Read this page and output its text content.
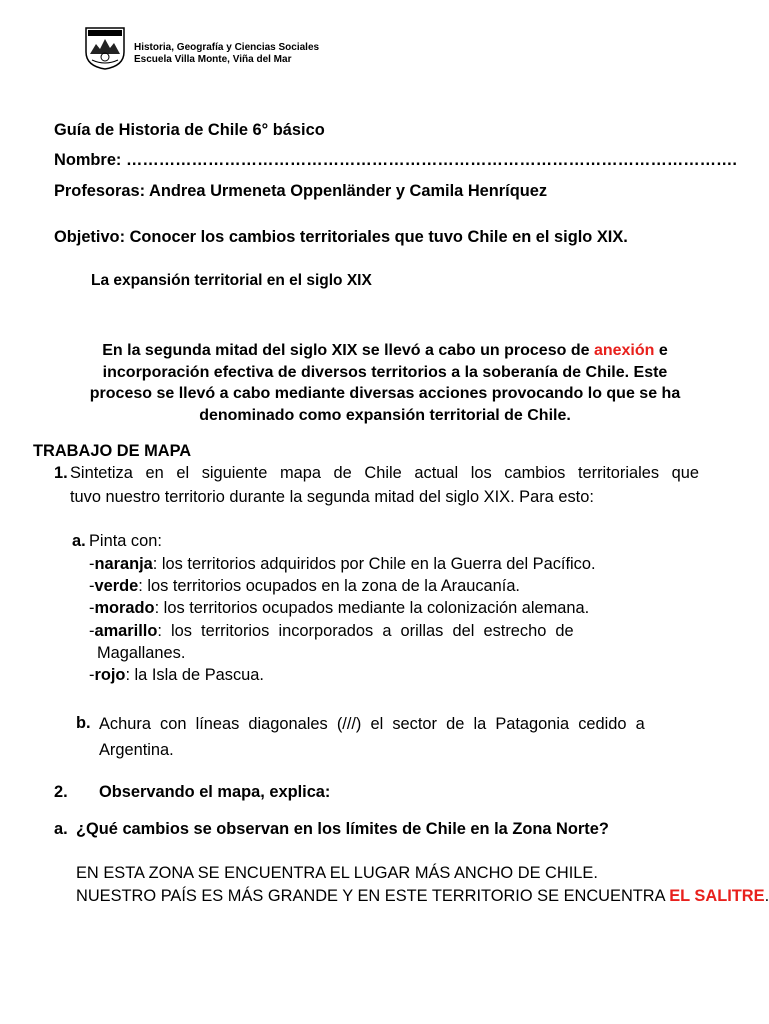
Historia, Geografía y Ciencias Sociales
Escuela Villa Monte, Viña del Mar
Guía de Historia de Chile 6° básico
Nombre: ………………………………………………………………………………………………….
Profesoras: Andrea Urmeneta Oppenländer y Camila Henríquez
Objetivo: Conocer los cambios territoriales que tuvo Chile en el siglo XIX.
La expansión territorial en el siglo XIX
En la segunda mitad del siglo XIX se llevó a cabo un proceso de anexión e
incorporación efectiva de diversos territorios a la soberanía de Chile. Este
proceso se llevó a cabo mediante diversas acciones provocando lo que se ha
denominado como expansión territorial de Chile.
TRABAJO DE MAPA
1. Sintetiza en el siguiente mapa de Chile actual los cambios territoriales que
tuvo nuestro territorio durante la segunda mitad del siglo XIX. Para esto:
a. Pinta con:
-naranja: los territorios adquiridos por Chile en la Guerra del Pacífico.
-verde: los territorios ocupados en la zona de la Araucanía.
-morado: los territorios ocupados mediante la colonización alemana.
-amarillo:  los  territorios  incorporados  a  orillas  del  estrecho  de
Magallanes.
-rojo: la Isla de Pascua.
b. Achura  con  líneas  diagonales  (///)  el  sector  de  la  Patagonia  cedido  a
Argentina.
2. Observando el mapa, explica:
a. ¿Qué cambios se observan en los límites de Chile en la Zona Norte?
EN ESTA ZONA SE ENCUENTRA EL LUGAR MÁS ANCHO DE CHILE.
NUESTRO PAÍS ES MÁS GRANDE Y EN ESTE TERRITORIO SE ENCUENTRA EL SALITRE.
